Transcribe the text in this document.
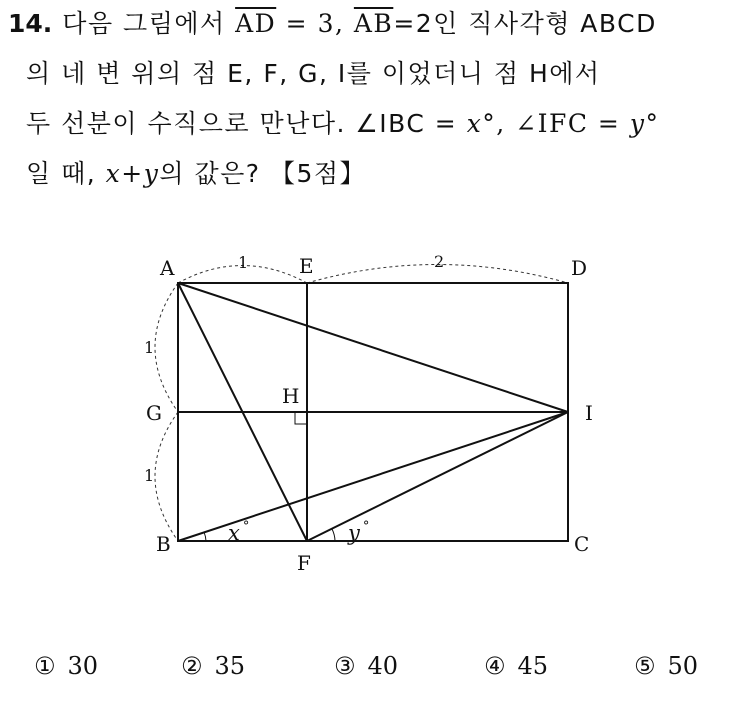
14. 다음 그림에서 $\overline{AD} = 3$, $\overline{AB}=2$인 직사각형 ABCD
의 네 변 위의 점 E, F, G, I를 이었더니 점 H에서
두 선분이 수직으로 만난다. ∠IBC = x°, ∠IFC = y°
일 때, x+y의 값은? 【5점】
A	E	D
G
H
I
B
F
C
1	2
1
1
x °	y °
① 30	② 35	③ 40	④ 45	⑤ 50
